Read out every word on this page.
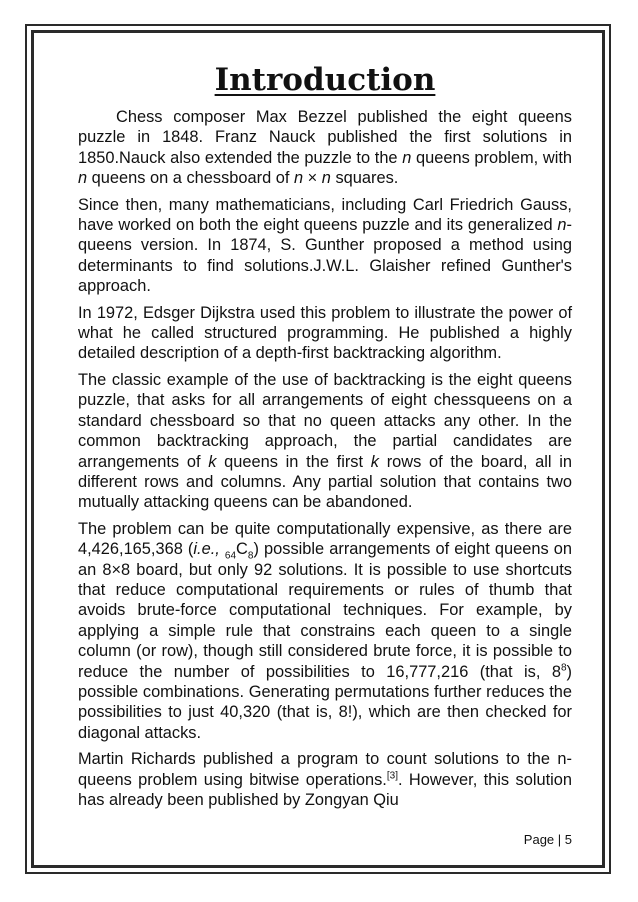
Introduction

Chess composer Max Bezzel published the eight queens puzzle in 1848. Franz Nauck published the first solutions in 1850.Nauck also extended the puzzle to the n queens problem, with n queens on a chessboard of n × n squares.

Since then, many mathematicians, including Carl Friedrich Gauss, have worked on both the eight queens puzzle and its generalized n-queens version. In 1874, S. Gunther proposed a method using determinants to find solutions.J.W.L. Glaisher refined Gunther's approach.

In 1972, Edsger Dijkstra used this problem to illustrate the power of what he called structured programming. He published a highly detailed description of a depth-first backtracking algorithm.

The classic example of the use of backtracking is the eight queens puzzle, that asks for all arrangements of eight chessqueens on a standard chessboard so that no queen attacks any other. In the common backtracking approach, the partial candidates are arrangements of k queens in the first k rows of the board, all in different rows and columns. Any partial solution that contains two mutually attacking queens can be abandoned.

The problem can be quite computationally expensive, as there are 4,426,165,368 (i.e., $_{64}C_8$) possible arrangements of eight queens on an 8×8 board, but only 92 solutions. It is possible to use shortcuts that reduce computational requirements or rules of thumb that avoids brute-force computational techniques. For example, by applying a simple rule that constrains each queen to a single column (or row), though still considered brute force, it is possible to reduce the number of possibilities to 16,777,216 (that is, $8^8$) possible combinations. Generating permutations further reduces the possibilities to just 40,320 (that is, 8!), which are then checked for diagonal attacks.

Martin Richards published a program to count solutions to the n-queens problem using bitwise operations.[3]. However, this solution has already been published by Zongyan Qiu

Page | 5
